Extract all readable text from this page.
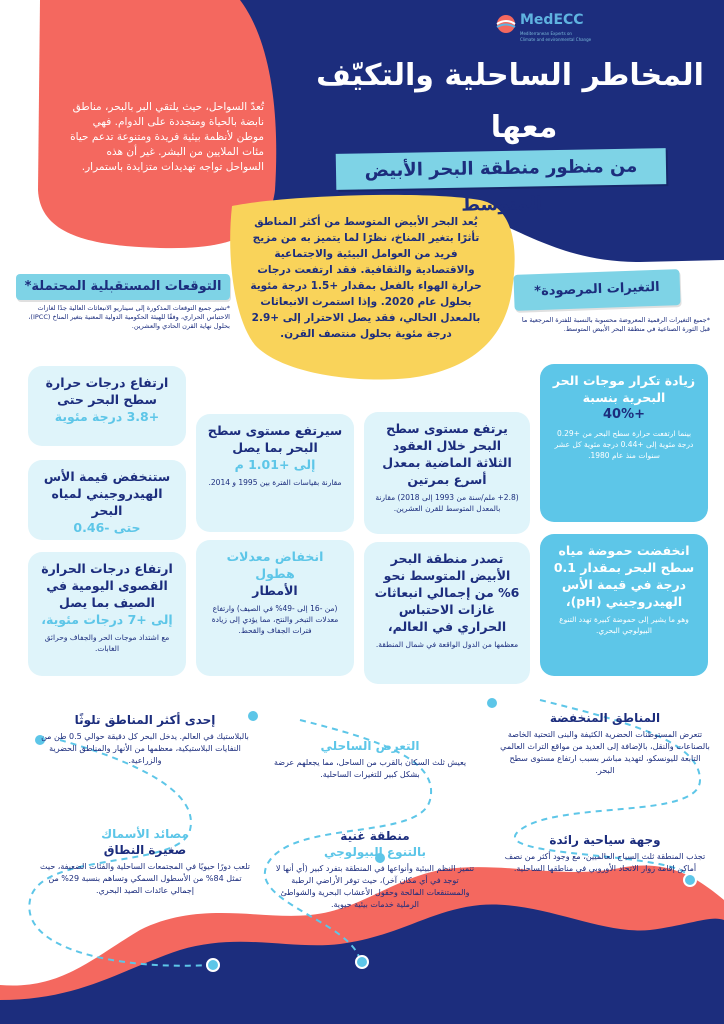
MedECC
Mediterranean Experts on
Climate and environmental Change
المخاطر الساحلية والتكيّف
معها
من منظور منطقة البحر الأبيض المتوسط
تُعدّ السواحل، حيث يلتقي البر بالبحر، مناطق نابضة بالحياة ومتجددة على الدوام. فهي موطن لأنظمة بيئية فريدة ومتنوعة تدعم حياة مئات الملايين من البشر. غير أن هذه السواحل تواجه تهديدات متزايدة باستمرار.
يُعد البحر الأبيض المتوسط من أكثر المناطق تأثرًا بتغير المناخ، نظرًا لما يتميز به من مزيج فريد من العوامل البيئية والاجتماعية والاقتصادية والثقافية. فقد ارتفعت درجات حرارة الهواء بالفعل بمقدار +1.5 درجة مئوية بحلول عام 2020. وإذا استمرت الانبعاثات بالمعدل الحالي، فقد يصل الاحترار إلى +2.9 درجة مئوية بحلول منتصف القرن.
التوقعات المستقبلية المحتملة*
*تشير جميع التوقعات المذكورة إلى سيناريو الانبعاثات العالية جدًا لغازات الاحتباس الحراري، وفقًا للهيئة الحكومية الدولية المعنية بتغير المناخ (IPCC)، بحلول نهاية القرن الحادي والعشرين.
التغيرات المرصودة*
*جميع التغيرات الرقمية المعروضة محسوبة بالنسبة للفترة المرجعية ما قبل الثورة الصناعية في منطقة البحر الأبيض المتوسط.
ارتفاع درجات حرارة سطح البحر حتى
+3.8 درجة مئوية
ستنخفض قيمة الأس الهيدروجيني لمياه البحر
حتى -0.46
ارتفاع درجات الحرارة القصوى اليومية في الصيف بما يصل
إلى +7 درجات مئوية،
مع اشتداد موجات الحر والجفاف وحرائق الغابات.
سيرتفع مستوى سطح البحر بما يصل
إلى +1.01 م
مقارنة بقياسات الفترة بين 1995 و 2014.
انخفاض معدلات هطول
الأمطار
(من -16 إلى -49% في الصيف) وارتفاع معدلات التبخر والنتح، مما يؤدي إلى زيادة فترات الجفاف والقحط.
يرتفع مستوى سطح البحر خلال العقود الثلاثة الماضية بمعدل أسرع بمرتين
(2.8+ ملم/سنة من 1993 إلى 2018) مقارنة بالمعدل المتوسط للقرن العشرين.
تصدر منطقة البحر الأبيض المتوسط نحو 6% من إجمالي انبعاثات غازات الاحتباس الحراري في العالم،
معظمها من الدول الواقعة في شمال المنطقة.
زيادة تكرار موجات الحر البحرية بنسبة
+40%
بينما ارتفعت حرارة سطح البحر من +0.29 درجة مئوية إلى +0.44 درجة مئوية كل عشر سنوات منذ عام 1980.
انخفضت حموضة مياه سطح البحر بمقدار 0.1 درجة في قيمة الأس الهيدروجيني (pH)،
وهو ما يشير إلى حموضة كبيرة تهدد التنوع البيولوجي البحري.
المناطق المنخفضة
تتعرض المستوطنات الحضرية الكثيفة والبنى التحتية الخاصة بالصناعات والنقل، بالإضافة إلى العديد من مواقع التراث العالمي التابعة لليونسكو، لتهديد مباشر بسبب ارتفاع مستوى سطح البحر.
التعرض الساحلي
يعيش ثلث السكان بالقرب من الساحل، مما يجعلهم عرضة بشكل كبير للتغيرات الساحلية.
إحدى أكثر المناطق تلوثًا
بالبلاستيك في العالم. يدخل البحر كل دقيقة حوالي 0.5 طن من النفايات البلاستيكية، معظمها من الأنهار والمناطق الحضرية والزراعية.
وجهة سياحية رائدة
تجذب المنطقة ثلث السياح العالميين، مع وجود أكثر من نصف أماكن إقامة زوار الاتحاد الأوروبي في مناطقها الساحلية.
منطقة غنية
بالتنوع البيولوجي
تتميز النظم البيئية وأنواعها في المنطقة بتفرد كبير (أي أنها لا توجد في أي مكان آخر)، حيث توفر الأراضي الرطبة والمستنقعات المالحة وحقول الأعشاب البحرية والشواطئ الرملية خدمات بيئية حيوية.
مصائد الأسماك
صغيرة النطاق
تلعب دورًا حيويًا في المجتمعات الساحلية والفئات الضعيفة، حيث تمثل 84% من الأسطول السمكي وتساهم بنسبة 29% من إجمالي عائدات الصيد البحري.
